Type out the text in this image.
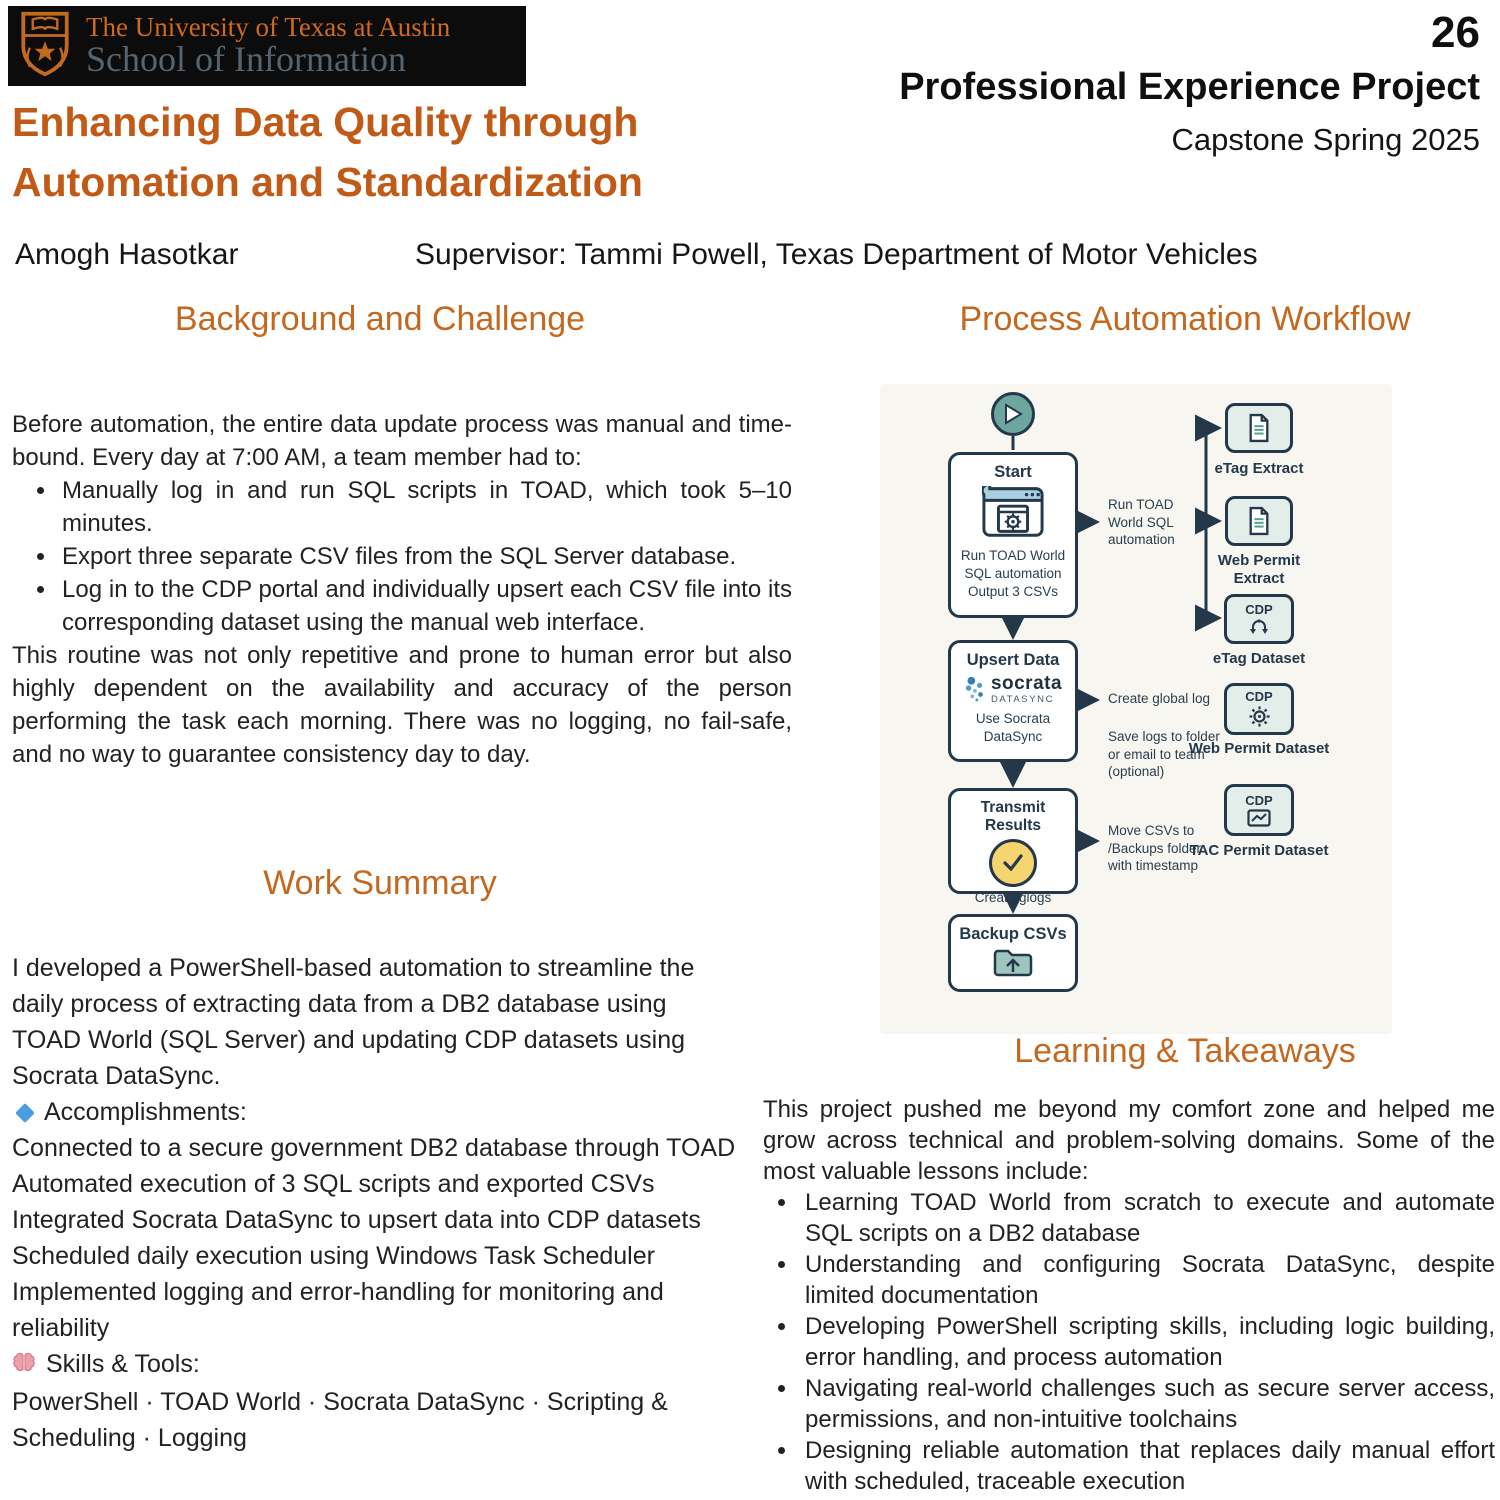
The University of Texas at Austin
School of Information
26
Professional Experience Project
Capstone Spring 2025
Enhancing Data Quality through
Automation and Standardization
Amogh Hasotkar	Supervisor: Tammi Powell, Texas Department of Motor Vehicles
Background and Challenge
Before automation, the entire data update process was manual and time-bound. Every day at 7:00 AM, a team member had to:
• Manually log in and run SQL scripts in TOAD, which took 5–10 minutes.
• Export three separate CSV files from the SQL Server database.
• Log in to the CDP portal and individually upsert each CSV file into its corresponding dataset using the manual web interface.
This routine was not only repetitive and prone to human error but also highly dependent on the availability and accuracy of the person performing the task each morning. There was no logging, no fail-safe, and no way to guarantee consistency day to day.
Work Summary
I developed a PowerShell-based automation to streamline the daily process of extracting data from a DB2 database using TOAD World (SQL Server) and updating CDP datasets using Socrata DataSync.
Accomplishments:
Connected to a secure government DB2 database through TOAD
Automated execution of 3 SQL scripts and exported CSVs
Integrated Socrata DataSync to upsert data into CDP datasets
Scheduled daily execution using Windows Task Scheduler
Implemented logging and error-handling for monitoring and reliability
Skills & Tools:
PowerShell · TOAD World · Socrata DataSync · Scripting & Scheduling · Logging
Process Automation Workflow
Start
Run TOAD World SQL automation Output 3 CSVs
Upsert Data
socrata
DATASYNC
Use Socrata DataSync
Transmit Results
Create glogs
Backup CSVs
Run TOAD World SQL automation
Create global log
Save logs to folder or email to team (optional)
Move CSVs to /Backups folder with timestamp
eTag Extract
Web Permit Extract
CDP
eTag Dataset
CDP
Web Permit Dataset
CDP
TAC Permit Dataset
Learning & Takeaways
This project pushed me beyond my comfort zone and helped me grow across technical and problem-solving domains. Some of the most valuable lessons include:
• Learning TOAD World from scratch to execute and automate SQL scripts on a DB2 database
• Understanding and configuring Socrata DataSync, despite limited documentation
• Developing PowerShell scripting skills, including logic building, error handling, and process automation
• Navigating real-world challenges such as secure server access, permissions, and non-intuitive toolchains
• Designing reliable automation that replaces daily manual effort with scheduled, traceable execution
